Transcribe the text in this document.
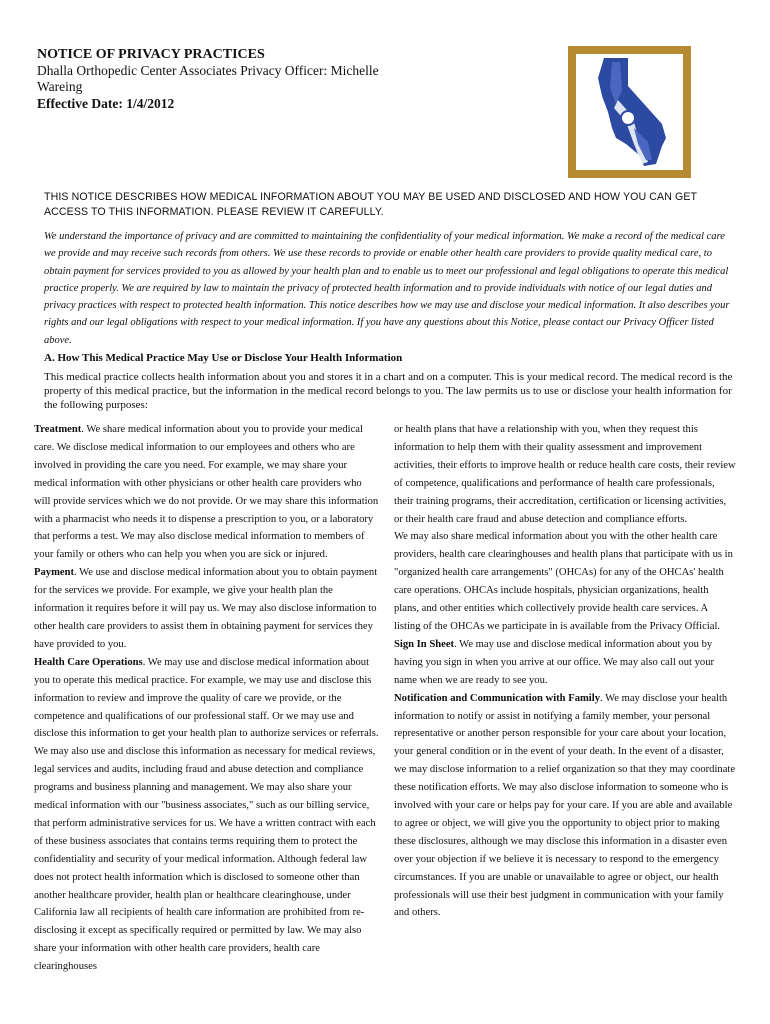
NOTICE OF PRIVACY PRACTICES
Dhalla Orthopedic Center Associates Privacy Officer: Michelle Wareing
Effective Date: 1/4/2012
THIS NOTICE DESCRIBES HOW MEDICAL INFORMATION ABOUT YOU MAY BE USED AND DISCLOSED AND HOW YOU CAN GET ACCESS TO THIS INFORMATION. PLEASE REVIEW IT CAREFULLY.
We understand the importance of privacy and are committed to maintaining the confidentiality of your medical information. We make a record of the medical care we provide and may receive such records from others. We use these records to provide or enable other health care providers to provide quality medical care, to obtain payment for services provided to you as allowed by your health plan and to enable us to meet our professional and legal obligations to operate this medical practice properly. We are required by law to maintain the privacy of protected health information and to provide individuals with notice of our legal duties and privacy practices with respect to protected health information. This notice describes how we may use and disclose your medical information. It also describes your rights and our legal obligations with respect to your medical information. If you have any questions about this Notice, please contact our Privacy Officer listed above.
A. How This Medical Practice May Use or Disclose Your Health Information
This medical practice collects health information about you and stores it in a chart and on a computer. This is your medical record. The medical record is the property of this medical practice, but the information in the medical record belongs to you. The law permits us to use or disclose your health information for the following purposes:

Treatment. We share medical information about you to provide your medical care. We disclose medical information to our employees and others who are involved in providing the care you need. For example, we may share your medical information with other physicians or other health care providers who will provide services which we do not provide. Or we may share this information with a pharmacist who needs it to dispense a prescription to you, or a laboratory that performs a test. We may also disclose medical information to members of your family or others who can help you when you are sick or injured.

Payment. We use and disclose medical information about you to obtain payment for the services we provide. For example, we give your health plan the information it requires before it will pay us. We may also disclose information to other health care providers to assist them in obtaining payment for services they have provided to you.

Health Care Operations. We may use and disclose medical information about you to operate this medical practice. For example, we may use and disclose this information to review and improve the quality of care we provide, or the competence and qualifications of our professional staff. Or we may use and disclose this information to get your health plan to authorize services or referrals. We may also use and disclose this information as necessary for medical reviews, legal services and audits, including fraud and abuse detection and compliance programs and business planning and management. We may also share your medical information with our "business associates," such as our billing service, that perform administrative services for us. We have a written contract with each of these business associates that contains terms requiring them to protect the confidentiality and security of your medical information. Although federal law does not protect health information which is disclosed to someone other than another healthcare provider, health plan or healthcare clearinghouse, under California law all recipients of health care information are prohibited from re- disclosing it except as specifically required or permitted by law. We may also share your information with other health care providers, health care clearinghouses

or health plans that have a relationship with you, when they request this information to help them with their quality assessment and improvement activities, their efforts to improve health or reduce health care costs, their review of competence, qualifications and performance of health care professionals, their training programs, their accreditation, certification or licensing activities, or their health care fraud and abuse detection and compliance efforts.

We may also share medical information about you with the other health care providers, health care clearinghouses and health plans that participate with us in "organized health care arrangements" (OHCAs) for any of the OHCAs' health care operations. OHCAs include hospitals, physician organizations, health plans, and other entities which collectively provide health care services. A listing of the OHCAs we participate in is available from the Privacy Official.

Sign In Sheet. We may use and disclose medical information about you by having you sign in when you arrive at our office. We may also call out your name when we are ready to see you.

Notification and Communication with Family. We may disclose your health information to notify or assist in notifying a family member, your personal representative or another person responsible for your care about your location, your general condition or in the event of your death. In the event of a disaster, we may disclose information to a relief organization so that they may coordinate these notification efforts. We may also disclose information to someone who is involved with your care or helps pay for your care. If you are able and available to agree or object, we will give you the opportunity to object prior to making these disclosures, although we may disclose this information in a disaster even over your objection if we believe it is necessary to respond to the emergency circumstances. If you are unable or unavailable to agree or object, our health professionals will use their best judgment in communication with your family and others.
